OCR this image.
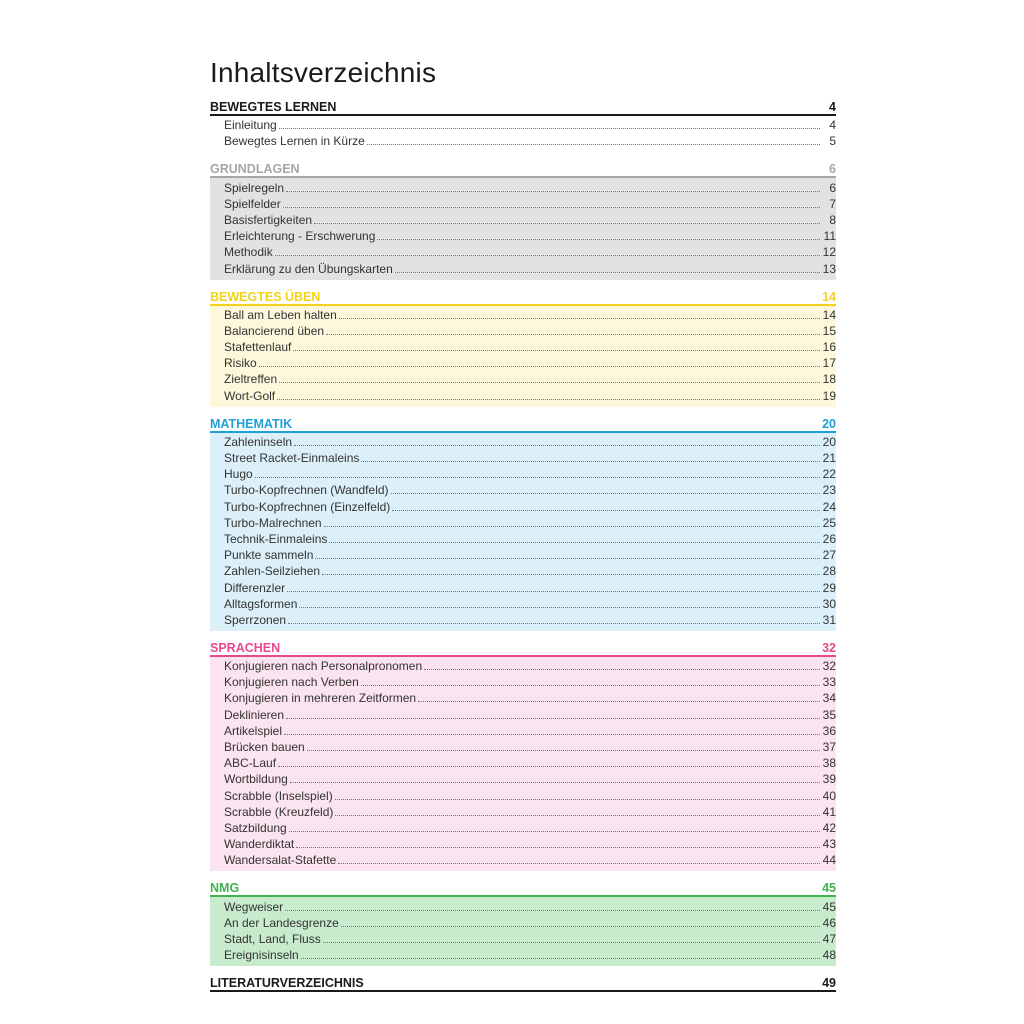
Inhaltsverzeichnis
BEWEGTES LERNEN	4
Einleitung	4
Bewegtes Lernen in Kürze	5
GRUNDLAGEN	6
Spielregeln	6
Spielfelder	7
Basisfertigkeiten	8
Erleichterung - Erschwerung	11
Methodik	12
Erklärung zu den Übungskarten	13
BEWEGTES ÜBEN	14
Ball am Leben halten	14
Balancierend üben	15
Stafettenlauf	16
Risiko	17
Zieltreffen	18
Wort-Golf	19
MATHEMATIK	20
Zahleninseln	20
Street Racket-Einmaleins	21
Hugo	22
Turbo-Kopfrechnen (Wandfeld)	23
Turbo-Kopfrechnen (Einzelfeld)	24
Turbo-Malrechnen	25
Technik-Einmaleins	26
Punkte sammeln	27
Zahlen-Seilziehen	28
Differenzler	29
Alltagsformen	30
Sperrzonen	31
SPRACHEN	32
Konjugieren nach Personalpronomen	32
Konjugieren nach Verben	33
Konjugieren in mehreren Zeitformen	34
Deklinieren	35
Artikelspiel	36
Brücken bauen	37
ABC-Lauf	38
Wortbildung	39
Scrabble (Inselspiel)	40
Scrabble (Kreuzfeld)	41
Satzbildung	42
Wanderdiktat	43
Wandersalat-Stafette	44
NMG	45
Wegweiser	45
An der Landesgrenze	46
Stadt, Land, Fluss	47
Ereignisinseln	48
LITERATURVERZEICHNIS	49
